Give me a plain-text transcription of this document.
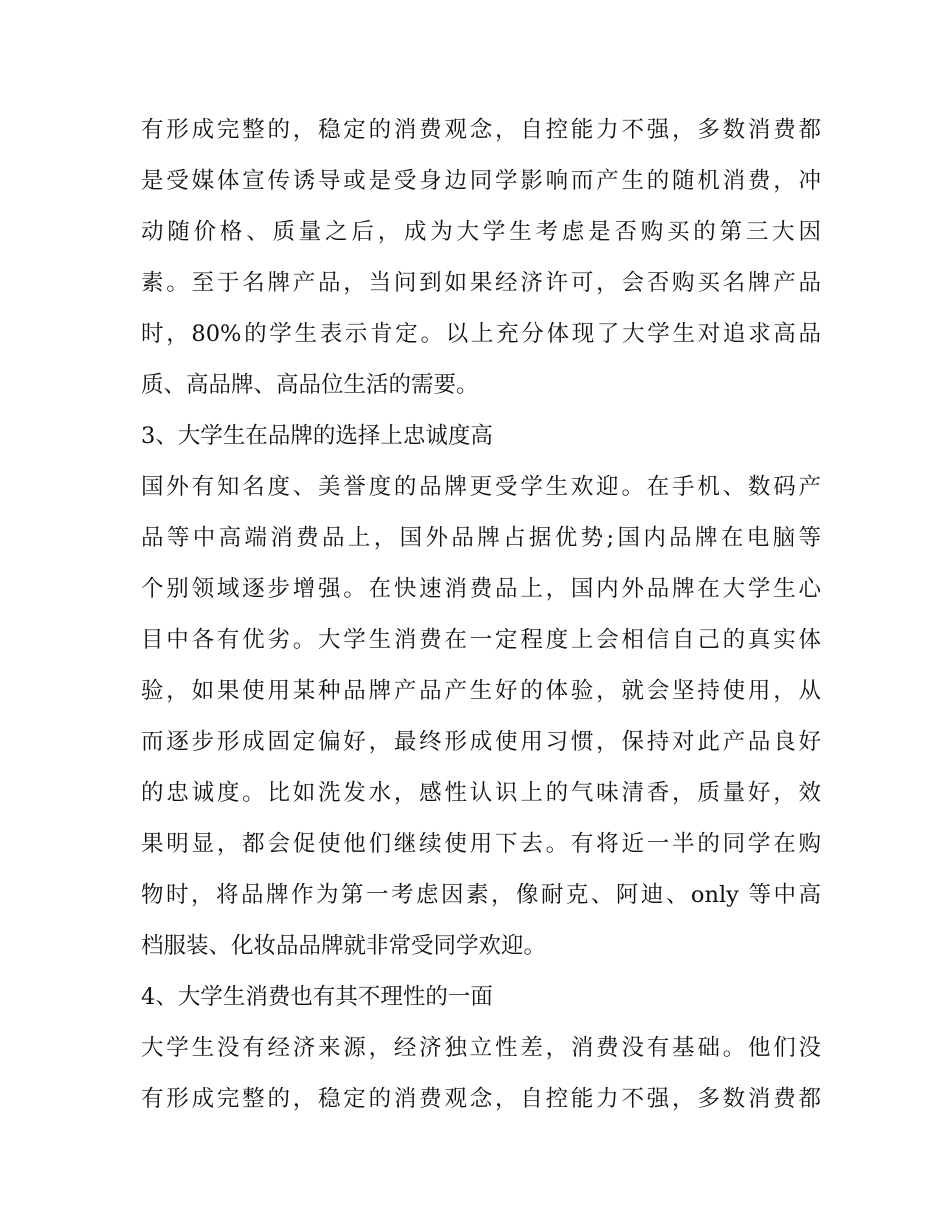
有形成完整的，稳定的消费观念，自控能力不强，多数消费都
是受媒体宣传诱导或是受身边同学影响而产生的随机消费，冲
动随价格、质量之后，成为大学生考虑是否购买的第三大因
素。至于名牌产品，当问到如果经济许可，会否购买名牌产品
时，80%的学生表示肯定。以上充分体现了大学生对追求高品
质、高品牌、高品位生活的需要。
3、大学生在品牌的选择上忠诚度高
国外有知名度、美誉度的品牌更受学生欢迎。在手机、数码产
品等中高端消费品上，国外品牌占据优势;国内品牌在电脑等
个别领域逐步增强。在快速消费品上，国内外品牌在大学生心
目中各有优劣。大学生消费在一定程度上会相信自己的真实体
验，如果使用某种品牌产品产生好的体验，就会坚持使用，从
而逐步形成固定偏好，最终形成使用习惯，保持对此产品良好
的忠诚度。比如洗发水，感性认识上的气味清香，质量好，效
果明显，都会促使他们继续使用下去。有将近一半的同学在购
物时，将品牌作为第一考虑因素，像耐克、阿迪、only 等中高
档服装、化妆品品牌就非常受同学欢迎。
4、大学生消费也有其不理性的一面
大学生没有经济来源，经济独立性差，消费没有基础。他们没
有形成完整的，稳定的消费观念，自控能力不强，多数消费都
